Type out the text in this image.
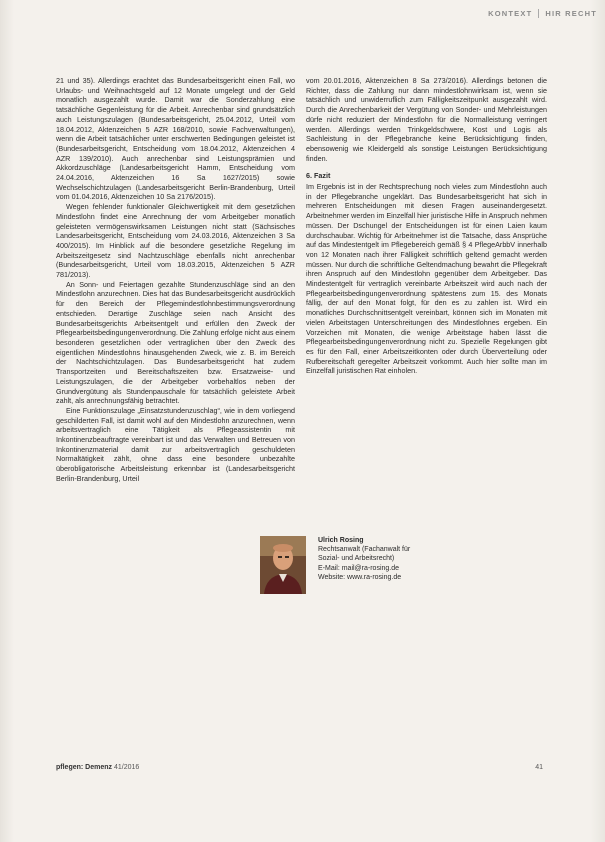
KONTEXT HIR RECHT

21 und 35). Allerdings erachtet das Bundesarbeitsgericht einen Fall, wo Urlaubs- und Weihnachtsgeld auf 12 Monate umgelegt und der Geld monatlich ausgezahlt wurde. Damit war die Sonderzahlung eine tatsächliche Gegenleistung für die Arbeit. Anrechenbar sind grundsätzlich auch Leistungszulagen (Bundesarbeitsgericht, 25.04.2012, Urteil vom 18.04.2012, Aktenzeichen 5 AZR 168/2010, sowie Fachverwaltungen), wenn die Arbeit tatsächlicher unter erschwerten Bedingungen geleistet ist (Bundesarbeitsgericht, Entscheidung vom 18.04.2012, Aktenzeichen 4 AZR 139/2010). Auch anrechenbar sind Leistungsprämien und Akkordzuschläge (Landesarbeitsgericht Hamm, Entscheidung vom 24.04.2016, Aktenzeichen 16 Sa 1627/2015) sowie Wechselschichtzulagen (Landesarbeitsgericht Berlin-Brandenburg, Urteil vom 01.04.2016, Aktenzeichen 10 Sa 2176/2015).

Wegen fehlender funktionaler Gleichwertigkeit mit dem gesetzlichen Mindestlohn findet eine Anrechnung der vom Arbeitgeber monatlich geleisteten vermögenswirksamen Leistungen nicht statt (Sächsisches Landesarbeitsgericht, Entscheidung vom 24.03.2016, Aktenzeichen 3 Sa 400/2015). Im Hinblick auf die besondere gesetzliche Regelung im Arbeitszeitgesetz sind Nachtzuschläge ebenfalls nicht anrechenbar (Bundesarbeitsgericht, Urteil vom 18.03.2015, Aktenzeichen 5 AZR 781/2013).

An Sonn- und Feiertagen gezahlte Stundenzuschläge sind an den Mindestlohn anzurechnen. Dies hat das Bundesarbeitsgericht ausdrücklich für den Bereich der Pflegemindestlohnbestimmungsverordnung entschieden. Derartige Zuschläge seien nach Ansicht des Bundesarbeitsgerichts Arbeitsentgelt und erfüllen den Zweck der Pflegearbeitsbedingungenverordnung. Die Zahlung erfolge nicht aus einem besonderen gesetzlichen oder vertraglichen über den Zweck des eigentlichen Mindestlohns hinausgehenden Zweck, wie z. B. im Bereich der Nachtschichtzulagen. Das Bundesarbeitsgericht hat zudem Transportzeiten und Bereitschaftszeiten bzw. Ersatzweise- und Leistungszulagen, die der Arbeitgeber vorbehaltlos neben der Grundvergütung als Stundenpauschale für tatsächlich geleistete Arbeit zahlt, als anrechnungsfähig betrachtet.

Eine Funktionszulage „Einsatzstundenzuschlag“, wie in dem vorliegend geschilderten Fall, ist damit wohl auf den Mindestlohn anzurechnen, wenn arbeitsvertraglich eine Tätigkeit als Pflegeassistentin mit Inkontinenzbeauftragte vereinbart ist und das Verwalten und Betreuen von Inkontinenzmaterial damit zur arbeitsvertraglich geschuldeten Normaltätigkeit zählt, ohne dass eine besondere unbezahlte überobligatorische Arbeitsleistung erkennbar ist (Landesarbeitsgericht Berlin-Brandenburg, Urteil

vom 20.01.2016, Aktenzeichen 8 Sa 273/2016). Allerdings betonen die Richter, dass die Zahlung nur dann mindestlohnwirksam ist, wenn sie tatsächlich und unwiderruflich zum Fälligkeitszeitpunkt ausgezahlt wird. Durch die Anrechenbarkeit der Vergütung von Sonder- und Mehrleistungen dürfe nicht reduziert der Mindestlohn für die Normalleistung verringert werden. Allerdings werden Trinkgeldschwere, Kost und Logis als Sachleistung in der Pflegebranche keine Berücksichtigung finden, ebensowenig wie Kleidergeld als sonstige Leistungen Berücksichtigung finden.

6. Fazit

Im Ergebnis ist in der Rechtsprechung noch vieles zum Mindestlohn auch in der Pflegebranche ungeklärt. Das Bundesarbeitsgericht hat sich in mehreren Entscheidungen mit diesen Fragen auseinandergesetzt. Arbeitnehmer werden im Einzelfall hier juristische Hilfe in Anspruch nehmen müssen. Der Dschungel der Entscheidungen ist für einen Laien kaum durchschaubar. Wichtig für Arbeitnehmer ist die Tatsache, dass Ansprüche auf das Mindestentgelt im Pflegebereich gemäß § 4 PflegeArbbV innerhalb von 12 Monaten nach ihrer Fälligkeit schriftlich geltend gemacht werden müssen. Nur durch die schriftliche Geltendmachung bewahrt die Pflegekraft ihren Anspruch auf den Mindestlohn gegenüber dem Arbeitgeber. Das Mindestentgelt für vertraglich vereinbarte Arbeitszeit wird auch nach der Pflegearbeitsbedingungenverordnung spätestens zum 15. des Monats fällig, der auf den Monat folgt, für den es zu zahlen ist. Wird ein monatliches Durchschnittsentgelt vereinbart, können sich im Monaten mit vielen Arbeitstagen Unterschreitungen des Mindestlohnes ergeben. Ein Vorzeichen mit Monaten, die wenige Arbeitstage haben lässt die Pflegearbeitsbedingungenverordnung nicht zu. Spezielle Regelungen gibt es für den Fall, einer Arbeitszeitkonten oder durch Überverteilung oder Rufbereitschaft geregelter Arbeitszeit vorkommt. Auch hier sollte man im Einzelfall juristischen Rat einholen.

Ulrich Rosing
Rechtsanwalt (Fachanwalt für
Sozial- und Arbeitsrecht)
E-Mail: mail@ra-rosing.de
Website: www.ra-rosing.de
pflegen: Demenz 41/2016	41
